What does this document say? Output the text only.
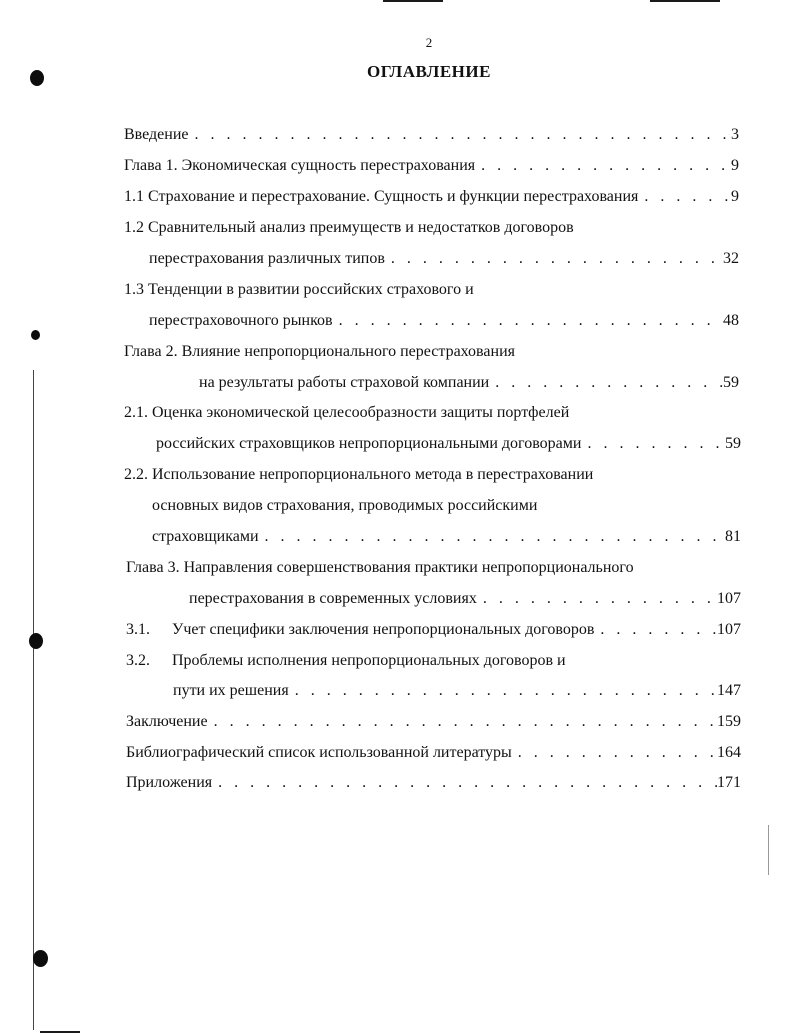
2
ОГЛАВЛЕНИЕ
Введение . . .	3
Глава 1. Экономическая сущность перестрахования . . .	9
1.1 Страхование и перестрахование. Сущность и функции перестрахования . . .	9
1.2 Сравнительный анализ преимуществ и недостатков договоров
перестрахования различных типов . . .	32
1.3 Тенденции в развитии российских страхового и
перестраховочного рынков . . .	48
Глава 2. Влияние непропорционального перестрахования
на результаты работы страховой компании . . .	59
2.1. Оценка экономической целесообразности защиты портфелей
российских страховщиков непропорциональными договорами . . .	59
2.2. Использование непропорционального метода в перестраховании
основных видов страхования, проводимых российскими
страховщиками . . .	81
Глава 3. Направления совершенствования практики непропорционального
перестрахования в современных условиях . . .	107
3.1. Учет специфики заключения непропорциональных договоров . . .	107
3.2. Проблемы исполнения непропорциональных договоров и
пути их решения . . .	147
Заключение . . .	159
Библиографический список использованной литературы . . .	164
Приложения . . .	171
